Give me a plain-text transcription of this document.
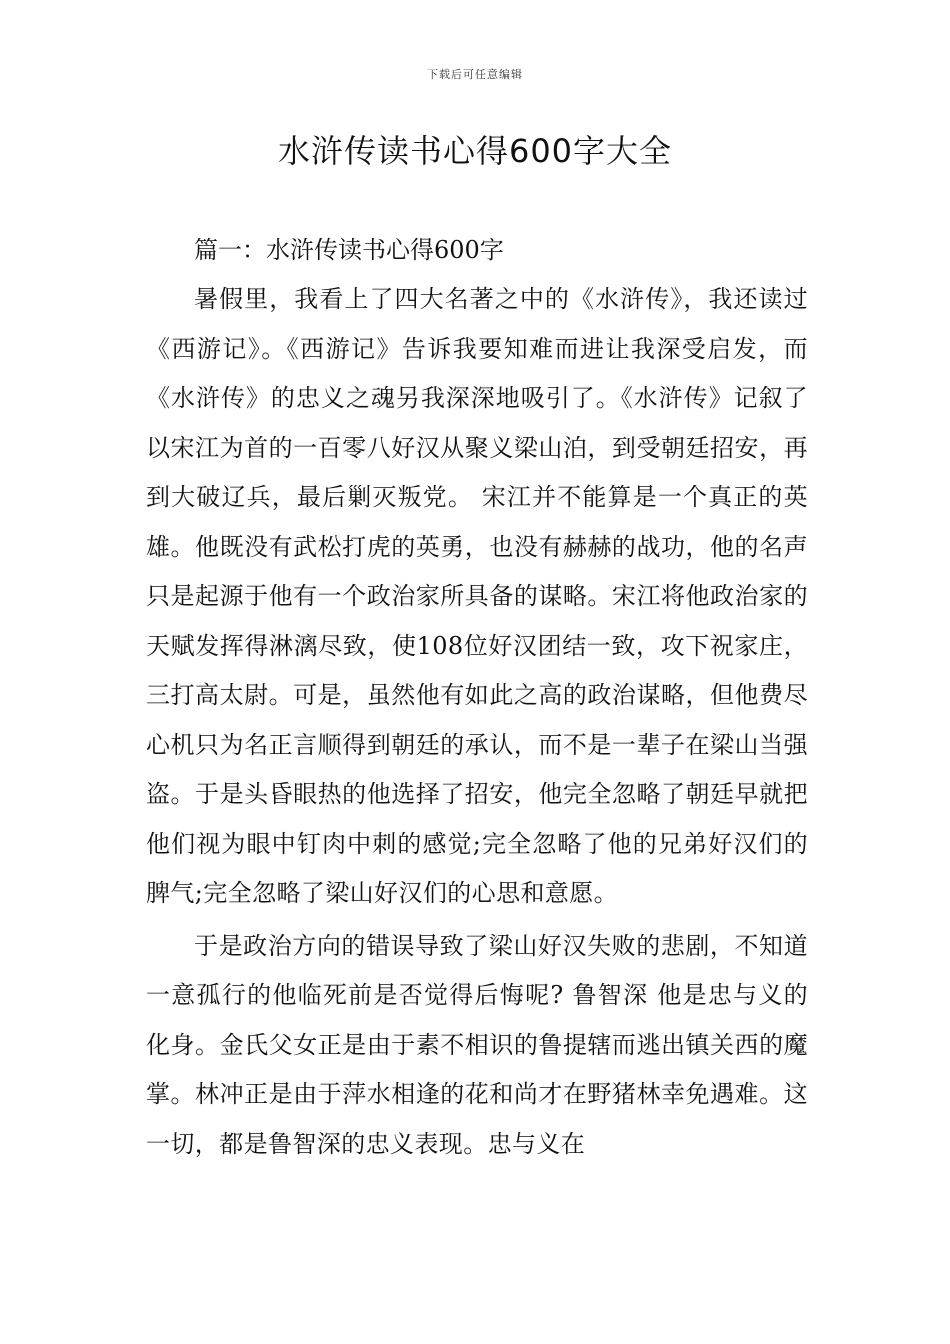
下载后可任意编辑
水浒传读书心得600字大全

篇一：水浒传读书心得600字

暑假里，我看上了四大名著之中的《水浒传》，我还读过《西游记》。《西游记》告诉我要知难而进让我深受启发，而《水浒传》的忠义之魂另我深深地吸引了。《水浒传》记叙了以宋江为首的一百零八好汉从聚义梁山泊，到受朝廷招安，再到大破辽兵，最后剿灭叛党。 宋江并不能算是一个真正的英雄。他既没有武松打虎的英勇，也没有赫赫的战功，他的名声只是起源于他有一个政治家所具备的谋略。宋江将他政治家的天赋发挥得淋漓尽致，使108位好汉团结一致，攻下祝家庄，三打高太尉。可是，虽然他有如此之高的政治谋略，但他费尽心机只为名正言顺得到朝廷的承认，而不是一辈子在梁山当强盗。于是头昏眼热的他选择了招安，他完全忽略了朝廷早就把他们视为眼中钉肉中刺的感觉;完全忽略了他的兄弟好汉们的脾气;完全忽略了梁山好汉们的心思和意愿。

于是政治方向的错误导致了梁山好汉失败的悲剧，不知道一意孤行的他临死前是否觉得后悔呢? 鲁智深 他是忠与义的化身。金氏父女正是由于素不相识的鲁提辖而逃出镇关西的魔掌。林冲正是由于萍水相逢的花和尚才在野猪林幸免遇难。这一切，都是鲁智深的忠义表现。忠与义在
